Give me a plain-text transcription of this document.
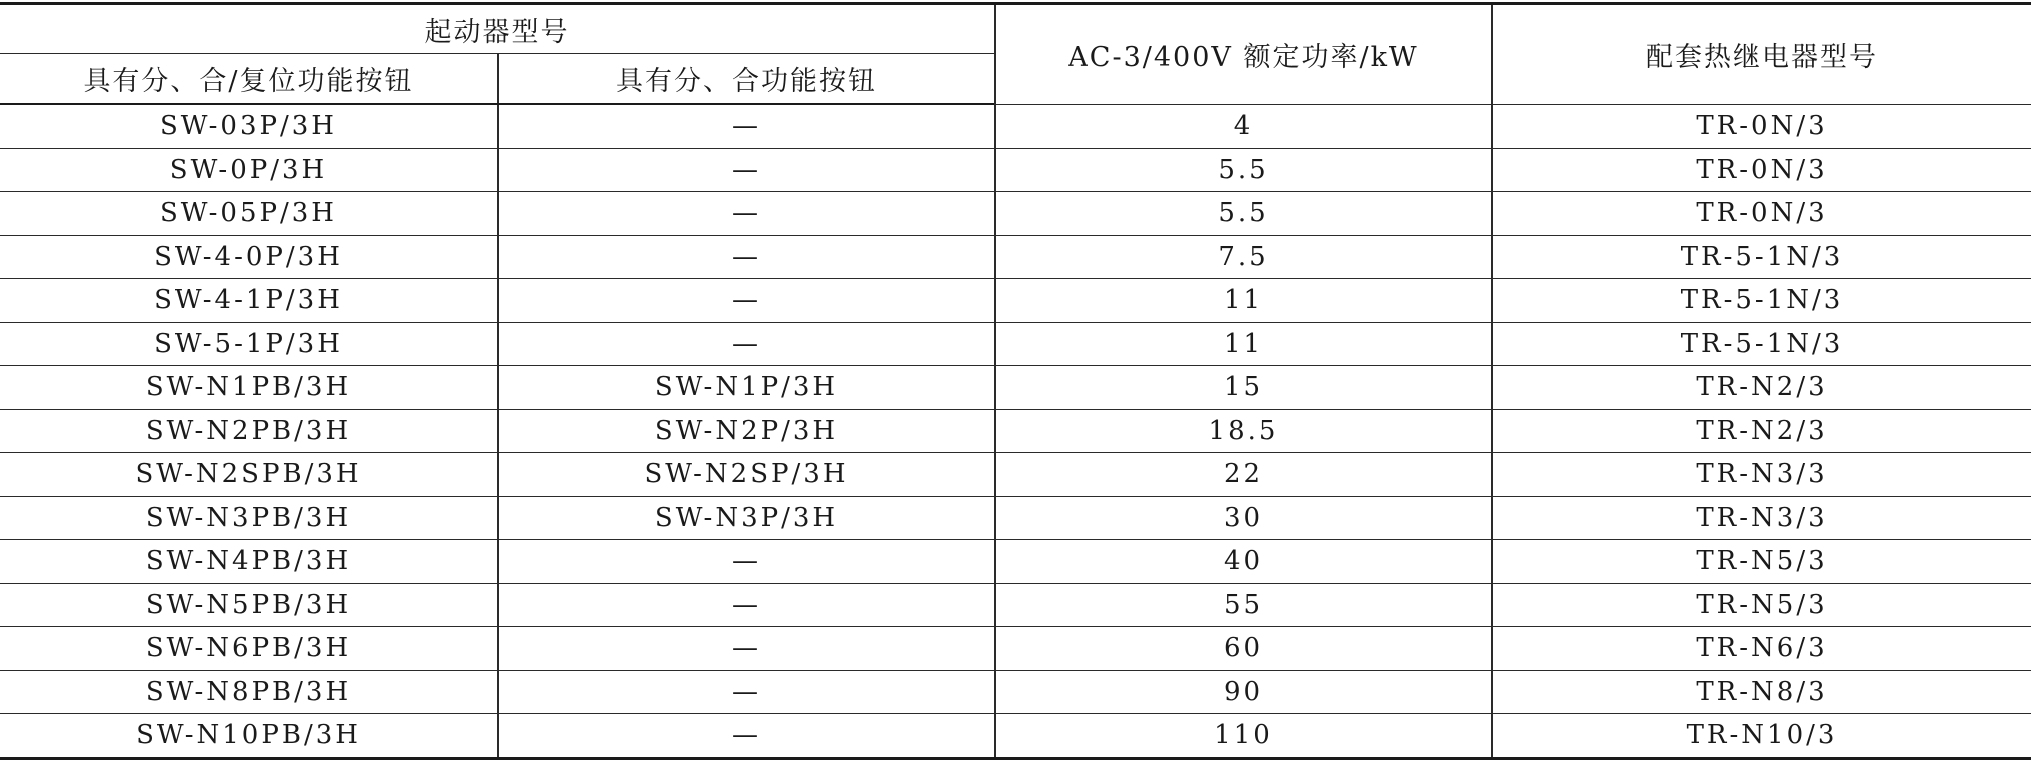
起动器型号		AC-3/400V 额定功率/kW	配套热继电器型号
具有分、合/复位功能按钮	具有分、合功能按钮		
SW-03P/3H	—	4	TR-0N/3
SW-0P/3H	—	5.5	TR-0N/3
SW-05P/3H	—	5.5	TR-0N/3
SW-4-0P/3H	—	7.5	TR-5-1N/3
SW-4-1P/3H	—	11	TR-5-1N/3
SW-5-1P/3H	—	11	TR-5-1N/3
SW-N1PB/3H	SW-N1P/3H	15	TR-N2/3
SW-N2PB/3H	SW-N2P/3H	18.5	TR-N2/3
SW-N2SPB/3H	SW-N2SP/3H	22	TR-N3/3
SW-N3PB/3H	SW-N3P/3H	30	TR-N3/3
SW-N4PB/3H	—	40	TR-N5/3
SW-N5PB/3H	—	55	TR-N5/3
SW-N6PB/3H	—	60	TR-N6/3
SW-N8PB/3H	—	90	TR-N8/3
SW-N10PB/3H	—	110	TR-N10/3
